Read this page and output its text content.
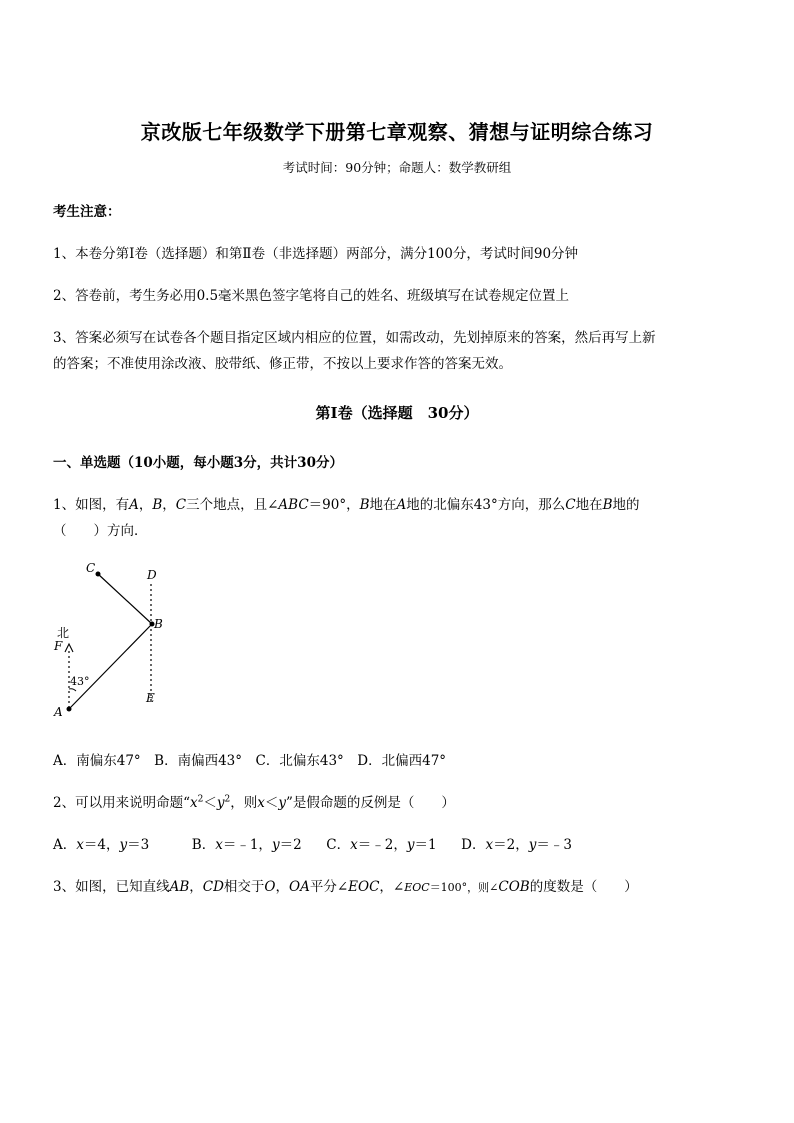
京改版七年级数学下册第七章观察、猜想与证明综合练习
考试时间：90分钟；命题人：数学教研组
考生注意：
1、本卷分第Ⅰ卷（选择题）和第Ⅱ卷（非选择题）两部分，满分100分，考试时间90分钟
2、答卷前，考生务必用0.5毫米黑色签字笔将自己的姓名、班级填写在试卷规定位置上
3、答案必须写在试卷各个题目指定区域内相应的位置，如需改动，先划掉原来的答案，然后再写上新
的答案；不准使用涂改液、胶带纸、修正带，不按以上要求作答的答案无效。
第Ⅰ卷（选择题　30分）
一、单选题（10小题，每小题3分，共计30分）
1、如图，有A，B，C三个地点，且∠ABC＝90°，B地在A地的北偏东43°方向，那么C地在B地的
（　　）方向．
C	D
B
北
F
43°
A
E
A．南偏东47°　B．南偏西43°　C．北偏东43°　D．北偏西47°
2、可以用来说明命题“$x^2<y^2$，则x＜y”是假命题的反例是（　　）
A．x＝4，y＝3	B．x＝﹣1，y＝2 C．x＝﹣2，y＝1 D．x＝2，y＝﹣3
3、如图，已知直线AB，CD相交于O，OA平分∠EOC，∠EOC＝100°，则∠COB的度数是（　　）
